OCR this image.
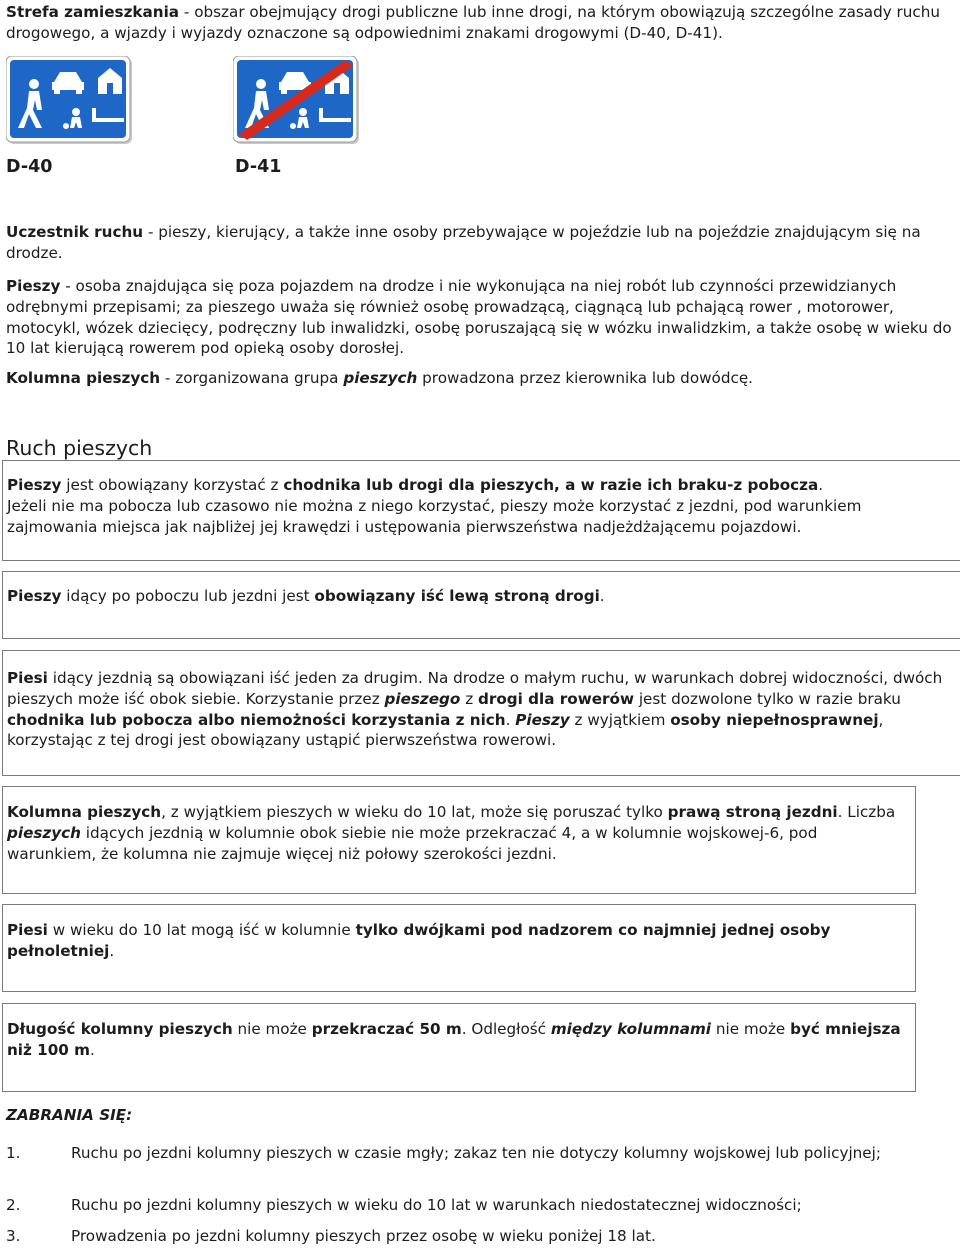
Strefa zamieszkania - obszar obejmujący drogi publiczne lub inne drogi, na którym obowiązują szczególne zasady ruchu drogowego, a wjazdy i wyjazdy oznaczone są odpowiednimi znakami drogowymi (D-40, D-41).

D-40	D-41

Uczestnik ruchu - pieszy, kierujący, a także inne osoby przebywające w pojeździe lub na pojeździe znajdującym się na drodze.

Pieszy - osoba znajdująca się poza pojazdem na drodze i nie wykonująca na niej robót lub czynności przewidzianych odrębnymi przepisami; za pieszego uważa się również osobę prowadzącą, ciągnącą lub pchającą rower , motorower, motocykl, wózek dziecięcy, podręczny lub inwalidzki, osobę poruszającą się w wózku inwalidzkim, a także osobę w wieku do 10 lat kierującą rowerem pod opieką osoby dorosłej.

Kolumna pieszych - zorganizowana grupa pieszych prowadzona przez kierownika lub dowódcę.

Ruch pieszych

Pieszy jest obowiązany korzystać z chodnika lub drogi dla pieszych, a w razie ich braku-z pobocza.
Jeżeli nie ma pobocza lub czasowo nie można z niego korzystać, pieszy może korzystać z jezdni, pod warunkiem zajmowania miejsca jak najbliżej jej krawędzi i ustępowania pierwszeństwa nadjeżdżającemu pojazdowi.

Pieszy idący po poboczu lub jezdni jest obowiązany iść lewą stroną drogi.

Piesi idący jezdnią są obowiązani iść jeden za drugim. Na drodze o małym ruchu, w warunkach dobrej widoczności, dwóch pieszych może iść obok siebie. Korzystanie przez pieszego z drogi dla rowerów jest dozwolone tylko w razie braku chodnika lub pobocza albo niemożności korzystania z nich. Pieszy z wyjątkiem osoby niepełnosprawnej, korzystając z tej drogi jest obowiązany ustąpić pierwszeństwa rowerowi.

Kolumna pieszych, z wyjątkiem pieszych w wieku do 10 lat, może się poruszać tylko prawą stroną jezdni. Liczba pieszych idących jezdnią w kolumnie obok siebie nie może przekraczać 4, a w kolumnie wojskowej-6, pod warunkiem, że kolumna nie zajmuje więcej niż połowy szerokości jezdni.

Piesi w wieku do 10 lat mogą iść w kolumnie tylko dwójkami pod nadzorem co najmniej jednej osoby pełnoletniej.

Długość kolumny pieszych nie może przekraczać 50 m. Odległość między kolumnami nie może być mniejsza niż 100 m.

ZABRANIA SIĘ:

1.	Ruchu po jezdni kolumny pieszych w czasie mgły; zakaz ten nie dotyczy kolumny wojskowej lub policyjnej;
2.	Ruchu po jezdni kolumny pieszych w wieku do 10 lat w warunkach niedostatecznej widoczności;
3.	Prowadzenia po jezdni kolumny pieszych przez osobę w wieku poniżej 18 lat.
